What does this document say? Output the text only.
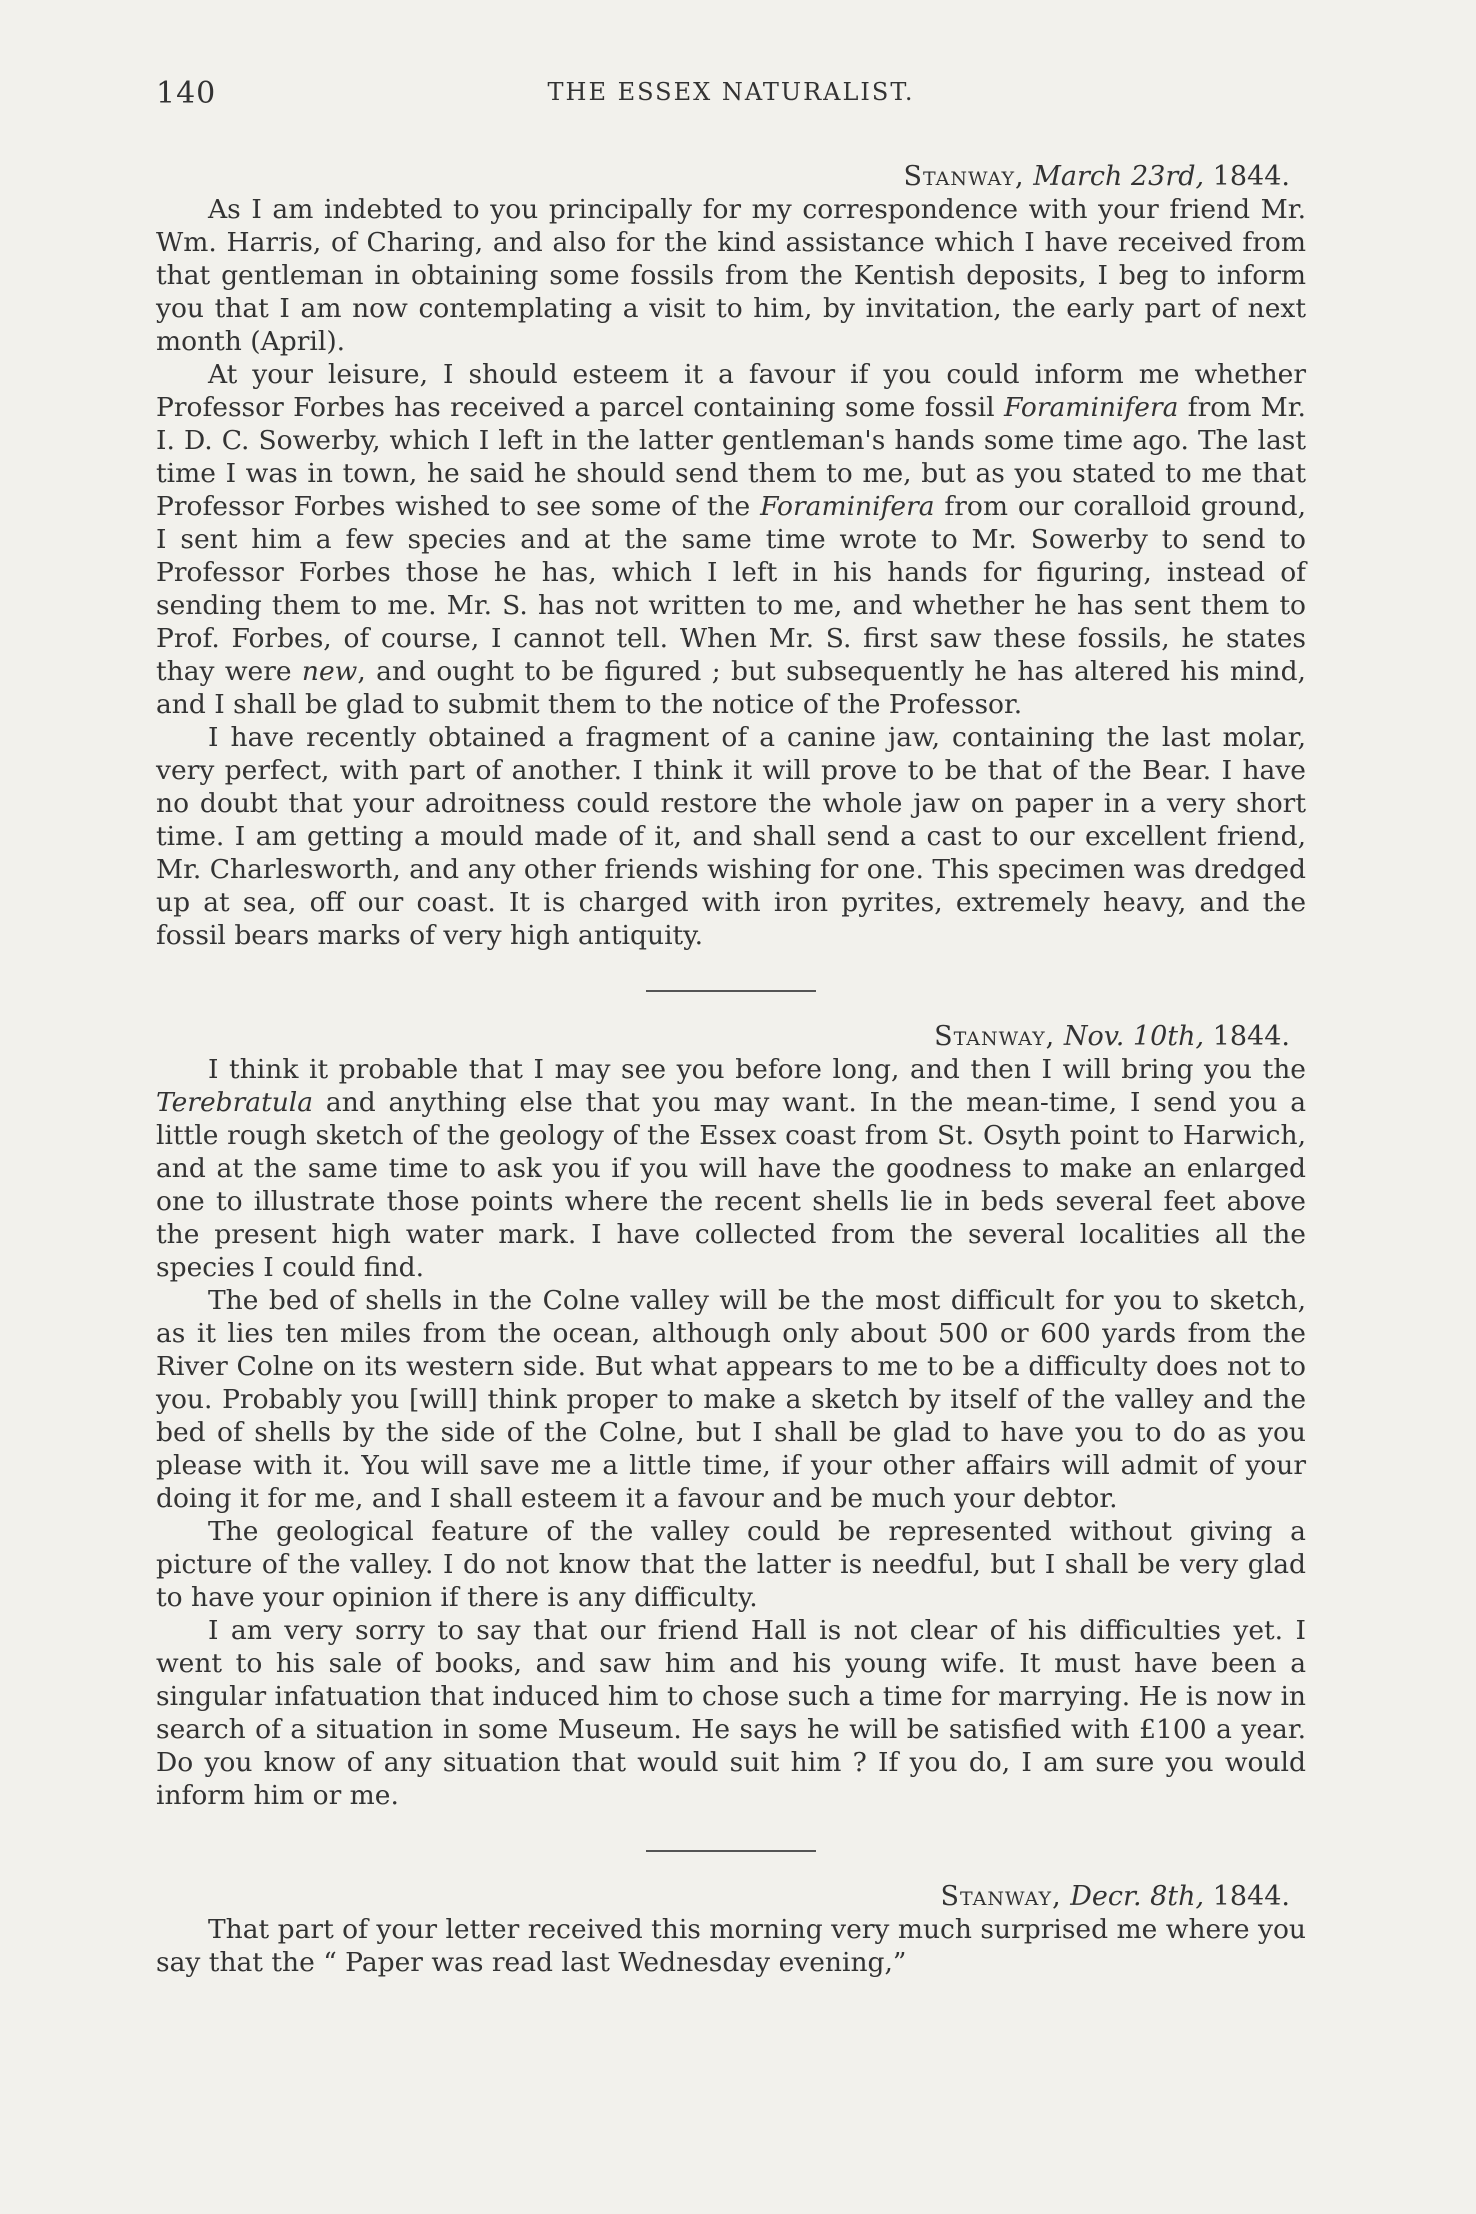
140	THE ESSEX NATURALIST.

Stanway, March 23rd, 1844.

As I am indebted to you principally for my correspondence with your friend Mr. Wm. Harris, of Charing, and also for the kind assistance which I have received from that gentleman in obtaining some fossils from the Kentish deposits, I beg to inform you that I am now contemplating a visit to him, by invitation, the early part of next month (April).

At your leisure, I should esteem it a favour if you could inform me whether Professor Forbes has received a parcel containing some fossil Foraminifera from Mr. I. D. C. Sowerby, which I left in the latter gentleman's hands some time ago. The last time I was in town, he said he should send them to me, but as you stated to me that Professor Forbes wished to see some of the Foraminifera from our coralloid ground, I sent him a few species and at the same time wrote to Mr. Sowerby to send to Professor Forbes those he has, which I left in his hands for figuring, instead of sending them to me. Mr. S. has not written to me, and whether he has sent them to Prof. Forbes, of course, I cannot tell. When Mr. S. first saw these fossils, he states thay were new, and ought to be figured ; but subsequently he has altered his mind, and I shall be glad to submit them to the notice of the Professor.

I have recently obtained a fragment of a canine jaw, containing the last molar, very perfect, with part of another. I think it will prove to be that of the Bear. I have no doubt that your adroitness could restore the whole jaw on paper in a very short time. I am getting a mould made of it, and shall send a cast to our excellent friend, Mr. Charlesworth, and any other friends wishing for one. This specimen was dredged up at sea, off our coast. It is charged with iron pyrites, extremely heavy, and the fossil bears marks of very high antiquity.

Stanway, Nov. 10th, 1844.

I think it probable that I may see you before long, and then I will bring you the Terebratula and anything else that you may want. In the mean-time, I send you a little rough sketch of the geology of the Essex coast from St. Osyth point to Harwich, and at the same time to ask you if you will have the goodness to make an enlarged one to illustrate those points where the recent shells lie in beds several feet above the present high water mark. I have collected from the several localities all the species I could find.

The bed of shells in the Colne valley will be the most difficult for you to sketch, as it lies ten miles from the ocean, although only about 500 or 600 yards from the River Colne on its western side. But what appears to me to be a difficulty does not to you. Probably you [will] think proper to make a sketch by itself of the valley and the bed of shells by the side of the Colne, but I shall be glad to have you to do as you please with it. You will save me a little time, if your other affairs will admit of your doing it for me, and I shall esteem it a favour and be much your debtor.

The geological feature of the valley could be represented without giving a picture of the valley. I do not know that the latter is needful, but I shall be very glad to have your opinion if there is any difficulty.

I am very sorry to say that our friend Hall is not clear of his difficulties yet. I went to his sale of books, and saw him and his young wife. It must have been a singular infatuation that induced him to chose such a time for marrying. He is now in search of a situation in some Museum. He says he will be satisfied with £100 a year. Do you know of any situation that would suit him ? If you do, I am sure you would inform him or me.

Stanway, Decr. 8th, 1844.

That part of your letter received this morning very much surprised me where you say that the “ Paper was read last Wednesday evening,”
